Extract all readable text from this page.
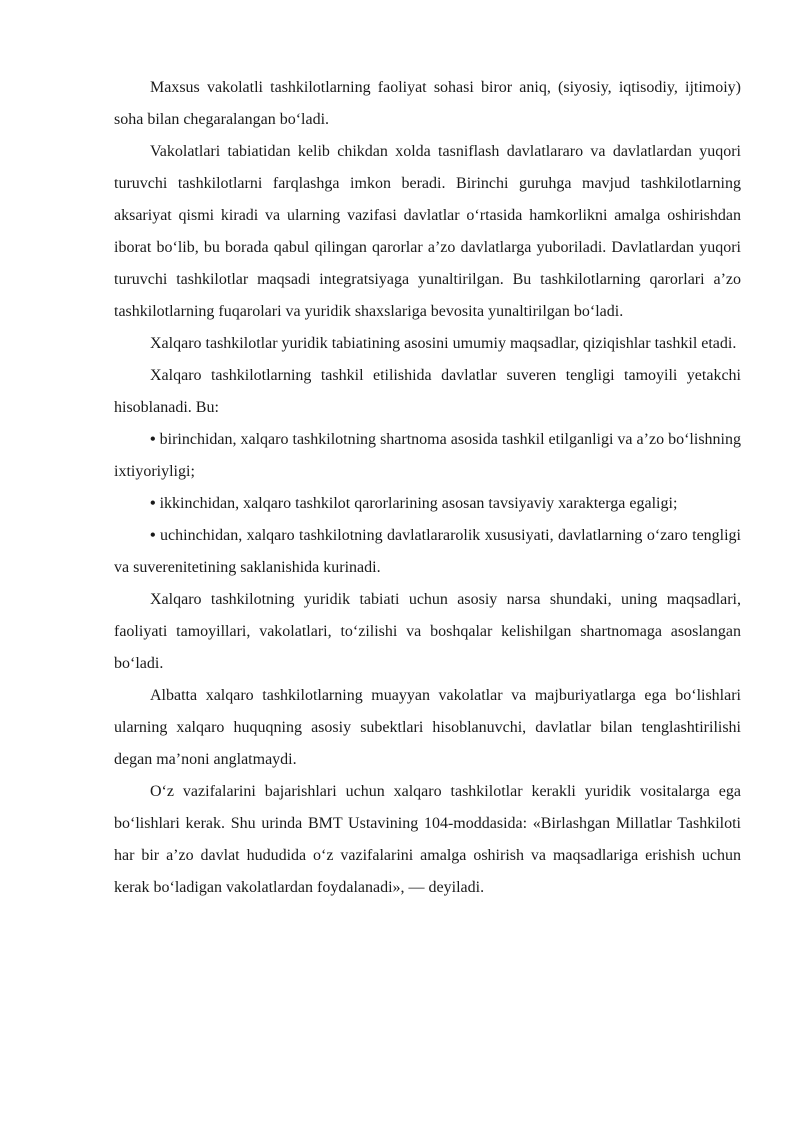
Maxsus vakolatli tashkilotlarning faoliyat sohasi biror aniq, (siyosiy, iqtisodiy, ijtimoiy) soha bilan chegaralangan bo‘ladi.

Vakolatlari tabiatidan kelib chikdan xolda tasniflash davlatlararo va davlatlardan yuqori turuvchi tashkilotlarni farqlashga imkon beradi. Birinchi guruhga mavjud tashkilotlarning aksariyat qismi kiradi va ularning vazifasi davlatlar o‘rtasida hamkorlikni amalga oshirishdan iborat bo‘lib, bu borada qabul qilingan qarorlar a’zo davlatlarga yuboriladi. Davlatlardan yuqori turuvchi tashkilotlar maqsadi integratsiyaga yunaltirilgan. Bu tashkilotlarning qarorlari a’zo tashkilotlarning fuqarolari va yuridik shaxslariga bevosita yunaltirilgan bo‘ladi.

Xalqaro tashkilotlar yuridik tabiatining asosini umumiy maqsadlar, qiziqishlar tashkil etadi.

Xalqaro tashkilotlarning tashkil etilishida davlatlar suveren tengligi tamoyili yetakchi hisoblanadi. Bu:

• birinchidan, xalqaro tashkilotning shartnoma asosida tashkil etilganligi va a’zo bo‘lishning ixtiyoriyligi;

• ikkinchidan, xalqaro tashkilot qarorlarining asosan tavsiyaviy xarakterga egaligi;

• uchinchidan, xalqaro tashkilotning davlatlararolik xususiyati, davlatlarning o‘zaro tengligi va suverenitetining saklanishida kurinadi.

Xalqaro tashkilotning yuridik tabiati uchun asosiy narsa shundaki, uning maqsadlari, faoliyati tamoyillari, vakolatlari, to‘zilishi va boshqalar kelishilgan shartnomaga asoslangan bo‘ladi.

Albatta xalqaro tashkilotlarning muayyan vakolatlar va majburiyatlarga ega bo‘lishlari ularning xalqaro huquqning asosiy subektlari hisoblanuvchi, davlatlar bilan tenglashtirilishi degan ma’noni anglatmaydi.

O‘z vazifalarini bajarishlari uchun xalqaro tashkilotlar kerakli yuridik vositalarga ega bo‘lishlari kerak. Shu urinda BMT Ustavining 104-moddasida: «Birlashgan Millatlar Tashkiloti har bir a’zo davlat hududida o‘z vazifalarini amalga oshirish va maqsadlariga erishish uchun kerak bo‘ladigan vakolatlardan foydalanadi», — deyiladi.
